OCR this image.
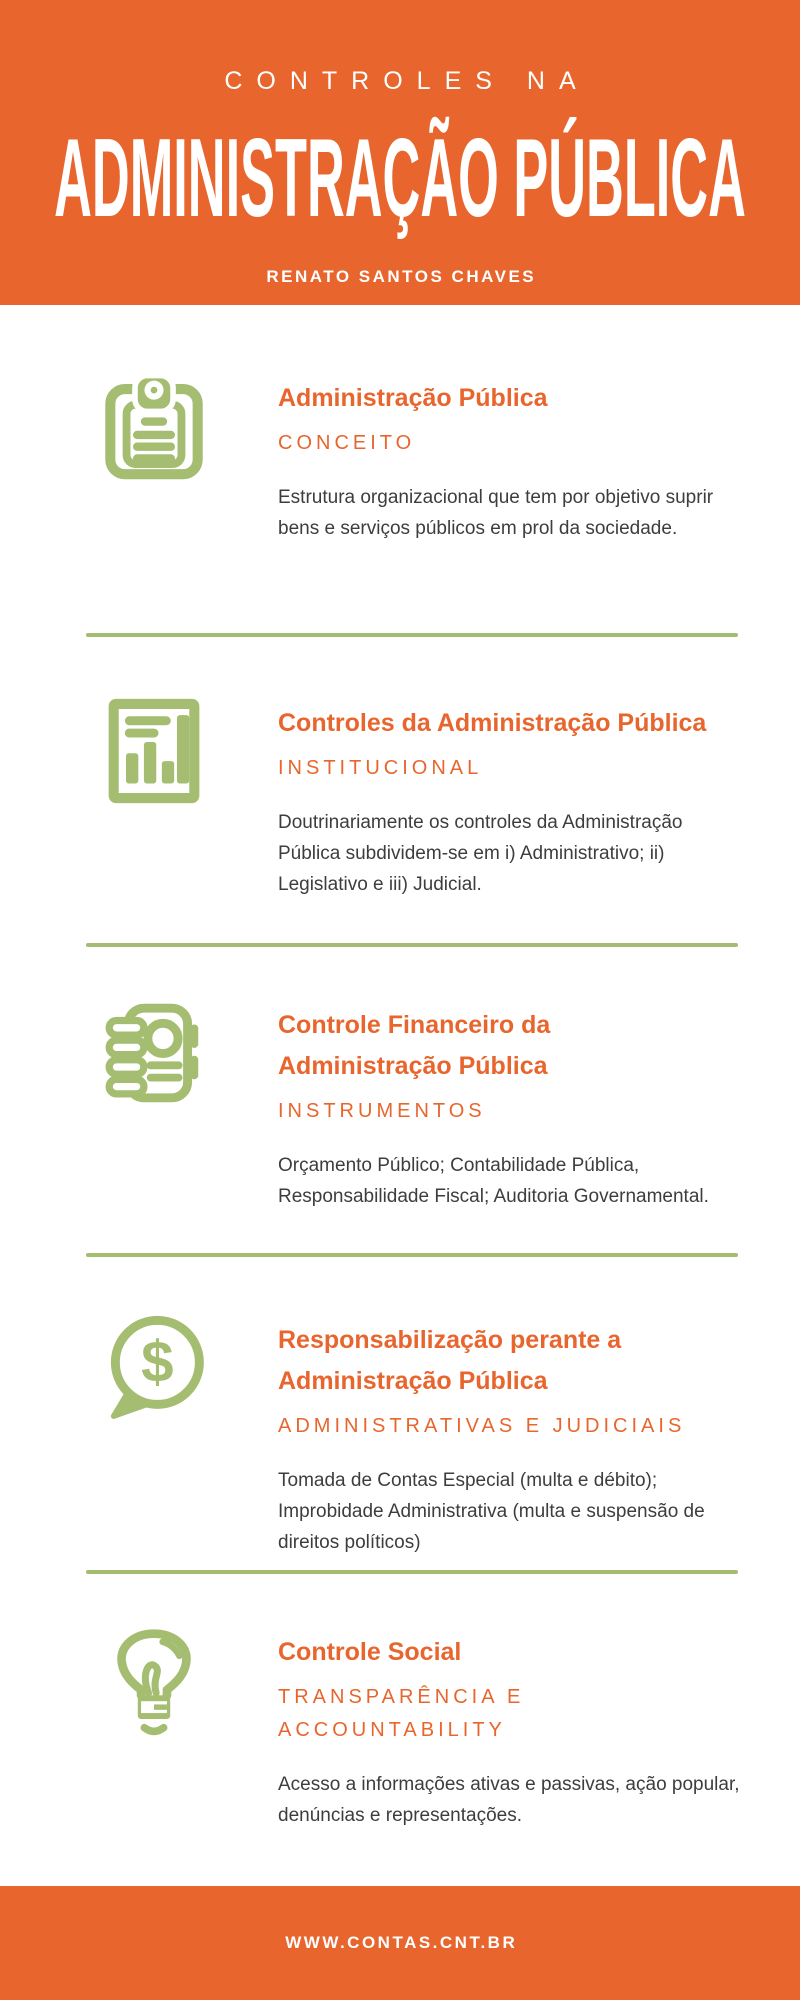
CONTROLES NA
ADMINISTRAÇÃO PÚBLICA
RENATO SANTOS CHAVES
Administração Pública
CONCEITO

Estrutura organizacional que tem por objetivo suprir bens e serviços públicos em prol da sociedade.

Controles da Administração Pública
INSTITUCIONAL

Doutrinariamente os controles da Administração Pública subdividem-se em i) Administrativo; ii) Legislativo e iii) Judicial.

Controle Financeiro da Administração Pública
INSTRUMENTOS

Orçamento Público; Contabilidade Pública, Responsabilidade Fiscal; Auditoria Governamental.

$	Responsabilização perante a Administração Pública
ADMINISTRATIVAS E JUDICIAIS

Tomada de Contas Especial (multa e débito); Improbidade Administrativa (multa e suspensão de direitos políticos)

Controle Social
TRANSPARÊNCIA E ACCOUNTABILITY

Acesso a informações ativas e passivas, ação popular, denúncias e representações.

WWW.CONTAS.CNT.BR
